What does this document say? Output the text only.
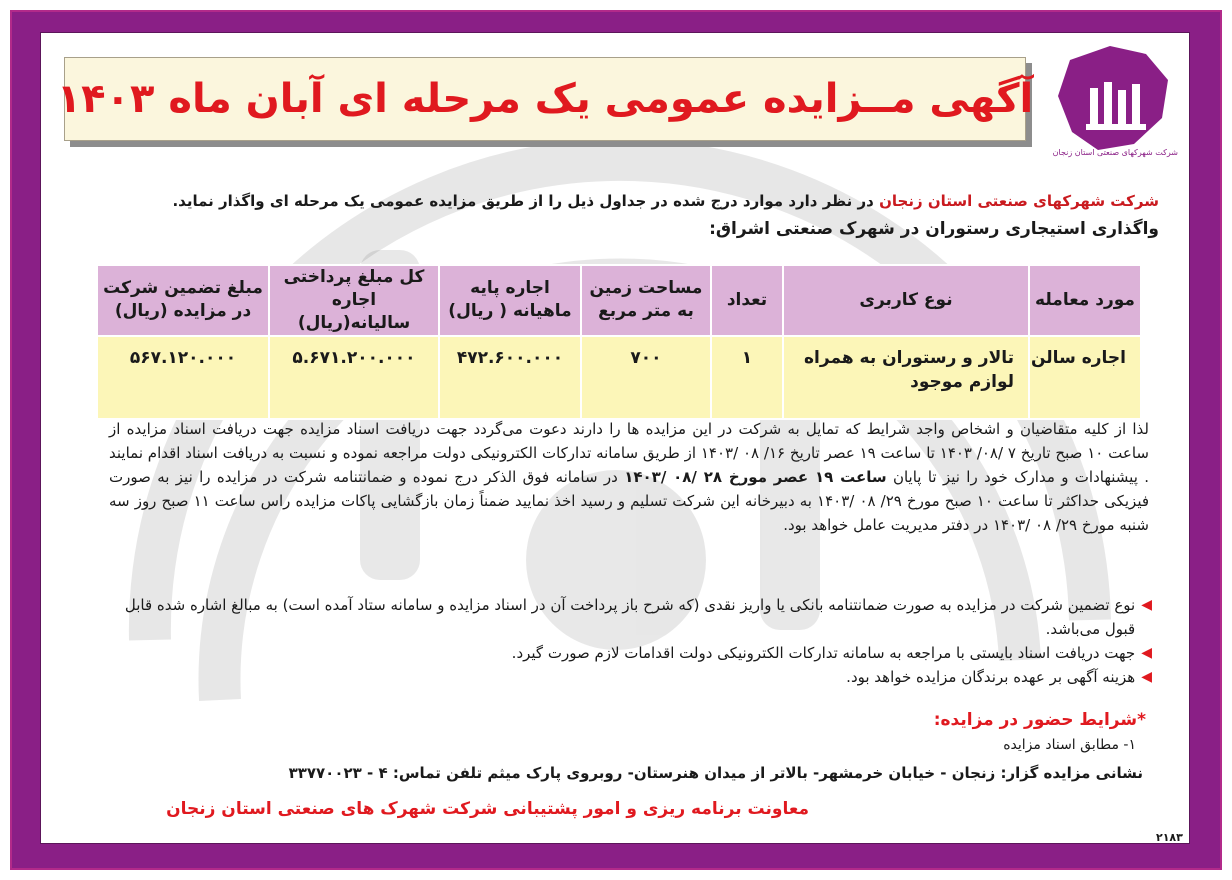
آگهی مــزایده عمومی یک مرحله ای آبان ماه ۱۴۰۳
شرکت شهرکهای صنعتی استان زنجان
شرکت شهرکهای صنعتی استان زنجان در نظر دارد موارد درج شده در جداول ذیل را از طریق مزایده عمومی یک مرحله ای واگذار نماید.
واگذاری استیجاری رستوران در شهرک صنعتی اشراق:
مورد معامله	نوع کاربری	تعداد	مساحت زمین به متر مربع	اجاره پایه ماهیانه ( ریال)	کل مبلغ پرداختی اجاره سالیانه(ریال)	مبلغ تضمین شرکت در مزایده (ریال)
اجاره سالن	تالار و رستوران به همراه لوازم موجود	۱	۷۰۰	۴۷۲.۶۰۰.۰۰۰	۵.۶۷۱.۲۰۰.۰۰۰	۵۶۷.۱۲۰.۰۰۰
لذا از کلیه متقاضیان و اشخاص واجد شرایط که تمایل به شرکت در این مزایده ها را دارند دعوت می‌گردد جهت دریافت اسناد مزایده جهت دریافت اسناد مزایده از ساعت ۱۰ صبح تاریخ ۷ /۰۸/ ۱۴۰۳ تا ساعت ۱۹ عصر تاریخ ۱۶/ ۰۸ /۱۴۰۳ از طریق سامانه تدارکات الکترونیکی دولت مراجعه نموده و نسبت به دریافت اسناد اقدام نمایند . پیشنهادات و مدارک خود را نیز تا پایان ساعت ۱۹ عصر مورخ ۲۸ /۰۸ /۱۴۰۳ در سامانه فوق الذکر درج نموده و ضمانتنامه شرکت در مزایده را نیز به صورت فیزیکی حداکثر تا ساعت ۱۰ صبح مورخ ۲۹/ ۰۸ /۱۴۰۳ به دبیرخانه این شرکت تسلیم و رسید اخذ نمایید ضمناً زمان بازگشایی پاکات مزایده راس ساعت ۱۱ صبح روز سه شنبه مورخ ۲۹/ ۰۸ /۱۴۰۳ در دفتر مدیریت عامل خواهد بود.
◀
نوع تضمین شرکت در مزایده به صورت ضمانتنامه بانکی یا واریز نقدی (که شرح باز پرداخت آن در اسناد مزایده و سامانه ستاد آمده است) به مبالغ اشاره شده قابل قبول می‌باشد.
◀
جهت دریافت اسناد بایستی با مراجعه به سامانه تداركات الكترونيكى دولت اقدامات لازم صورت گيرد.
◀
هزینه آگهی بر عهده برندگان مزایده خواهد بود.
*شرایط حضور در مزایده:
۱- مطابق اسناد مزایده
نشانی مزایده گزار: زنجان - خیابان خرمشهر- بالاتر از میدان هنرستان- روبروی پارک میثم تلفن تماس: ۴ - ۳۳۷۷۰۰۲۳
معاونت برنامه ریزی و امور پشتیبانی شرکت شهرک های صنعتی استان زنجان
۲۱۸۳
